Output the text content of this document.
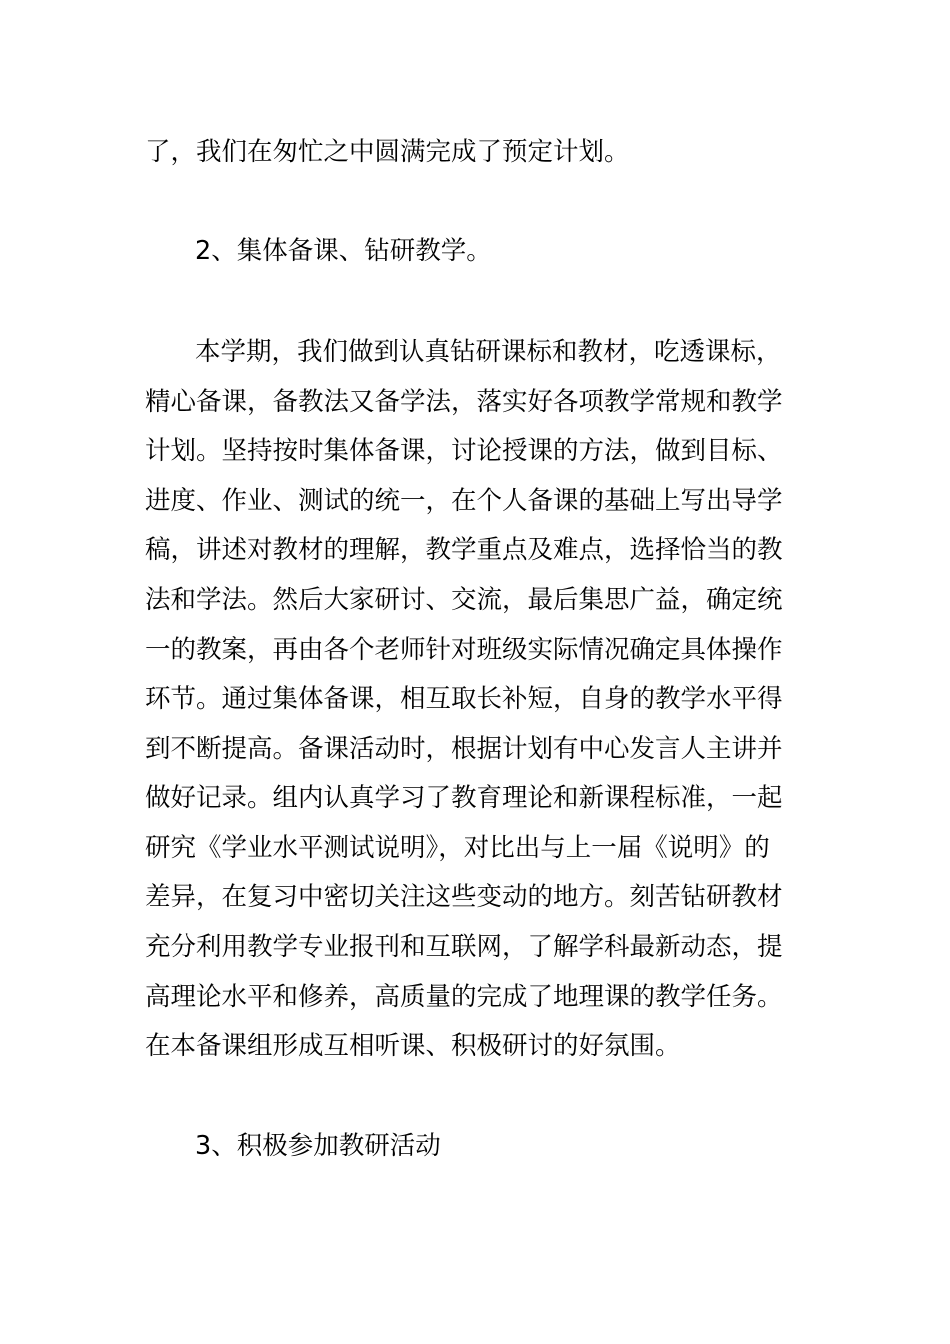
了，我们在匆忙之中圆满完成了预定计划。
2、集体备课、钻研教学。
本学期，我们做到认真钻研课标和教材，吃透课标，
精心备课，备教法又备学法，落实好各项教学常规和教学
计划。坚持按时集体备课，讨论授课的方法，做到目标、
进度、作业、测试的统一，在个人备课的基础上写出导学
稿，讲述对教材的理解，教学重点及难点，选择恰当的教
法和学法。然后大家研讨、交流，最后集思广益，确定统
一的教案，再由各个老师针对班级实际情况确定具体操作
环节。通过集体备课，相互取长补短，自身的教学水平得
到不断提高。备课活动时，根据计划有中心发言人主讲并
做好记录。组内认真学习了教育理论和新课程标准，一起
研究《学业水平测试说明》，对比出与上一届《说明》的
差异，在复习中密切关注这些变动的地方。刻苦钻研教材
充分利用教学专业报刊和互联网，了解学科最新动态，提
高理论水平和修养，高质量的完成了地理课的教学任务。
在本备课组形成互相听课、积极研讨的好氛围。
3、积极参加教研活动
